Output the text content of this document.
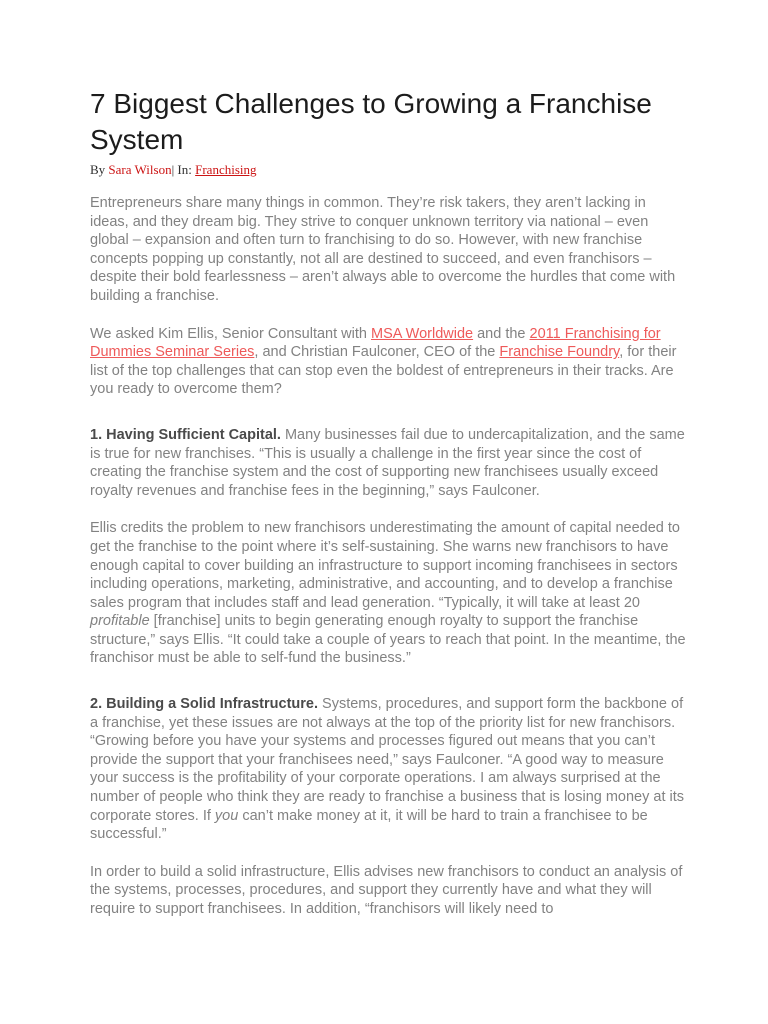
7 Biggest Challenges to Growing a Franchise System

By Sara Wilson| In: Franchising

Entrepreneurs share many things in common. They’re risk takers, they aren’t lacking in ideas, and they dream big. They strive to conquer unknown territory via national – even global – expansion and often turn to franchising to do so. However, with new franchise concepts popping up constantly, not all are destined to succeed, and even franchisors – despite their bold fearlessness – aren’t always able to overcome the hurdles that come with building a franchise.

We asked Kim Ellis, Senior Consultant with MSA Worldwide and the 2011 Franchising for Dummies Seminar Series, and Christian Faulconer, CEO of the Franchise Foundry, for their list of the top challenges that can stop even the boldest of entrepreneurs in their tracks. Are you ready to overcome them?

1. Having Sufficient Capital. Many businesses fail due to undercapitalization, and the same is true for new franchises. “This is usually a challenge in the first year since the cost of creating the franchise system and the cost of supporting new franchisees usually exceed royalty revenues and franchise fees in the beginning,” says Faulconer.

Ellis credits the problem to new franchisors underestimating the amount of capital needed to get the franchise to the point where it’s self-sustaining. She warns new franchisors to have enough capital to cover building an infrastructure to support incoming franchisees in sectors including operations, marketing, administrative, and accounting, and to develop a franchise sales program that includes staff and lead generation. “Typically, it will take at least 20 profitable [franchise] units to begin generating enough royalty to support the franchise structure,” says Ellis. “It could take a couple of years to reach that point. In the meantime, the franchisor must be able to self-fund the business.”

2. Building a Solid Infrastructure. Systems, procedures, and support form the backbone of a franchise, yet these issues are not always at the top of the priority list for new franchisors. “Growing before you have your systems and processes figured out means that you can’t provide the support that your franchisees need,” says Faulconer. “A good way to measure your success is the profitability of your corporate operations. I am always surprised at the number of people who think they are ready to franchise a business that is losing money at its corporate stores. If you can’t make money at it, it will be hard to train a franchisee to be successful.”

In order to build a solid infrastructure, Ellis advises new franchisors to conduct an analysis of the systems, processes, procedures, and support they currently have and what they will require to support franchisees. In addition, “franchisors will likely need to
